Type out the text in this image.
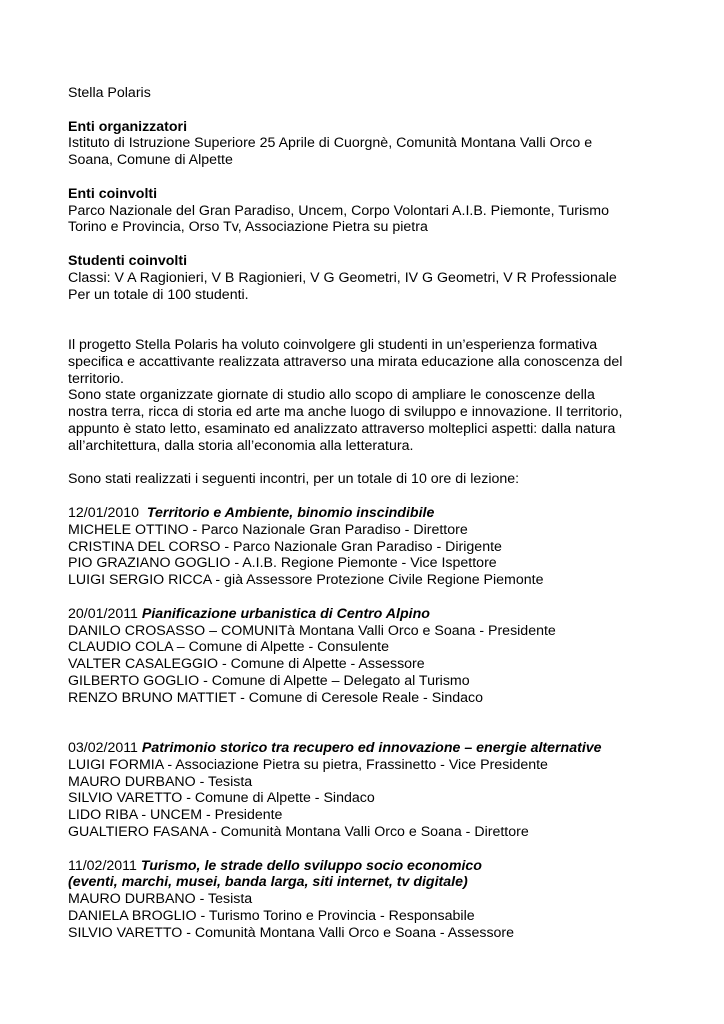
Stella Polaris
Enti organizzatori
Istituto di Istruzione Superiore 25 Aprile di Cuorgnè, Comunità Montana Valli Orco e
Soana, Comune di Alpette
Enti coinvolti
Parco Nazionale del Gran Paradiso, Uncem, Corpo Volontari A.I.B. Piemonte, Turismo
Torino e Provincia, Orso Tv, Associazione Pietra su pietra
Studenti coinvolti
Classi: V A Ragionieri, V B Ragionieri, V G Geometri, IV G Geometri, V R Professionale
Per un totale di 100 studenti.
Il progetto Stella Polaris ha voluto coinvolgere gli studenti in un’esperienza formativa
specifica e accattivante realizzata attraverso una mirata educazione alla conoscenza del
territorio.
Sono state organizzate giornate di studio allo scopo di ampliare le conoscenze della
nostra terra, ricca di storia ed arte ma anche luogo di sviluppo e innovazione. Il territorio,
appunto è stato letto, esaminato ed analizzato attraverso molteplici aspetti: dalla natura
all’architettura, dalla storia all’economia alla letteratura.
Sono stati realizzati i seguenti incontri, per un totale di 10 ore di lezione:
12/01/2010  Territorio e Ambiente, binomio inscindibile
MICHELE OTTINO - Parco Nazionale Gran Paradiso - Direttore
CRISTINA DEL CORSO - Parco Nazionale Gran Paradiso - Dirigente
PIO GRAZIANO GOGLIO - A.I.B. Regione Piemonte - Vice Ispettore
LUIGI SERGIO RICCA - già Assessore Protezione Civile Regione Piemonte
20/01/2011 Pianificazione urbanistica di Centro Alpino
DANILO CROSASSO – COMUNITà Montana Valli Orco e Soana - Presidente
CLAUDIO COLA – Comune di Alpette - Consulente
VALTER CASALEGGIO - Comune di Alpette - Assessore
GILBERTO GOGLIO - Comune di Alpette – Delegato al Turismo
RENZO BRUNO MATTIET - Comune di Ceresole Reale - Sindaco
03/02/2011 Patrimonio storico tra recupero ed innovazione – energie alternative
LUIGI FORMIA - Associazione Pietra su pietra, Frassinetto - Vice Presidente
MAURO DURBANO - Tesista
SILVIO VARETTO - Comune di Alpette - Sindaco
LIDO RIBA - UNCEM - Presidente
GUALTIERO FASANA - Comunità Montana Valli Orco e Soana - Direttore
11/02/2011 Turismo, le strade dello sviluppo socio economico
(eventi, marchi, musei, banda larga, siti internet, tv digitale)
MAURO DURBANO - Tesista
DANIELA BROGLIO - Turismo Torino e Provincia - Responsabile
SILVIO VARETTO - Comunità Montana Valli Orco e Soana - Assessore
